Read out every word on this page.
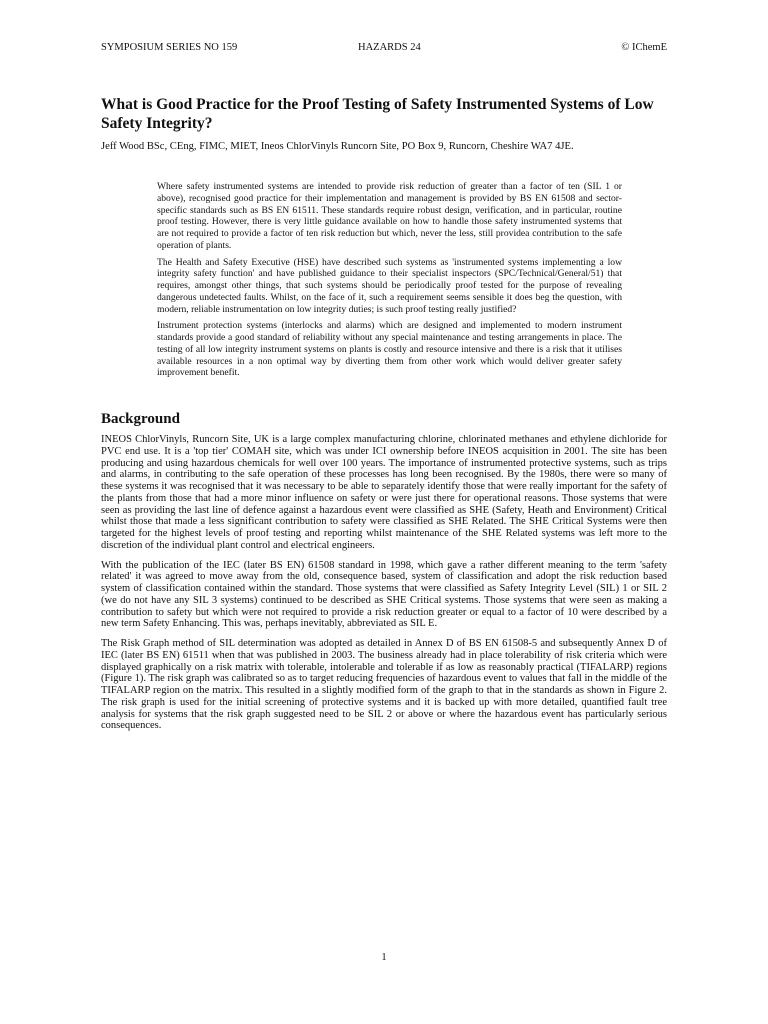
SYMPOSIUM SERIES NO 159	HAZARDS 24	© IChemE
What is Good Practice for the Proof Testing of Safety Instrumented Systems of Low Safety Integrity?

Jeff Wood BSc, CEng, FIMC, MIET, Ineos ChlorVinyls Runcorn Site, PO Box 9, Runcorn, Cheshire WA7 4JE.

Where safety instrumented systems are intended to provide risk reduction of greater than a factor of ten (SIL 1 or above), recognised good practice for their implementation and management is provided by BS EN 61508 and sector-specific standards such as BS EN 61511. These standards require robust design, verification, and in particular, routine proof testing. However, there is very little guidance available on how to handle those safety instrumented systems that are not required to provide a factor of ten risk reduction but which, never the less, still providea contribution to the safe operation of plants.

The Health and Safety Executive (HSE) have described such systems as 'instrumented systems implementing a low integrity safety function' and have published guidance to their specialist inspectors (SPC/Technical/General/51) that requires, amongst other things, that such systems should be periodically proof tested for the purpose of revealing dangerous undetected faults. Whilst, on the face of it, such a requirement seems sensible it does beg the question, with modern, reliable instrumentation on low integrity duties; is such proof testing really justified?

Instrument protection systems (interlocks and alarms) which are designed and implemented to modern instrument standards provide a good standard of reliability without any special maintenance and testing arrangements in place. The testing of all low integrity instrument systems on plants is costly and resource intensive and there is a risk that it utilises available resources in a non optimal way by diverting them from other work which would deliver greater safety improvement benefit.

Background

INEOS ChlorVinyls, Runcorn Site, UK is a large complex manufacturing chlorine, chlorinated methanes and ethylene dichloride for PVC end use. It is a 'top tier' COMAH site, which was under ICI ownership before INEOS acquisition in 2001. The site has been producing and using hazardous chemicals for well over 100 years. The importance of instrumented protective systems, such as trips and alarms, in contributing to the safe operation of these processes has long been recognised. By the 1980s, there were so many of these systems it was recognised that it was necessary to be able to separately identify those that were really important for the safety of the plants from those that had a more minor influence on safety or were just there for operational reasons. Those systems that were seen as providing the last line of defence against a hazardous event were classified as SHE (Safety, Heath and Environment) Critical whilst those that made a less significant contribution to safety were classified as SHE Related. The SHE Critical Systems were then targeted for the highest levels of proof testing and reporting whilst maintenance of the SHE Related systems was left more to the discretion of the individual plant control and electrical engineers.

With the publication of the IEC (later BS EN) 61508 standard in 1998, which gave a rather different meaning to the term 'safety related' it was agreed to move away from the old, consequence based, system of classification and adopt the risk reduction based system of classification contained within the standard. Those systems that were classified as Safety Integrity Level (SIL) 1 or SIL 2 (we do not have any SIL 3 systems) continued to be described as SHE Critical systems. Those systems that were seen as making a contribution to safety but which were not required to provide a risk reduction greater or equal to a factor of 10 were described by a new term Safety Enhancing. This was, perhaps inevitably, abbreviated as SIL E.

The Risk Graph method of SIL determination was adopted as detailed in Annex D of BS EN 61508-5 and subsequently Annex D of IEC (later BS EN) 61511 when that was published in 2003. The business already had in place tolerability of risk criteria which were displayed graphically on a risk matrix with tolerable, intolerable and tolerable if as low as reasonably practical (TIFALARP) regions (Figure 1). The risk graph was calibrated so as to target reducing frequencies of hazardous event to values that fall in the middle of the TIFALARP region on the matrix. This resulted in a slightly modified form of the graph to that in the standards as shown in Figure 2. The risk graph is used for the initial screening of protective systems and it is backed up with more detailed, quantified fault tree analysis for systems that the risk graph suggested need to be SIL 2 or above or where the hazardous event has particularly serious consequences.

1
